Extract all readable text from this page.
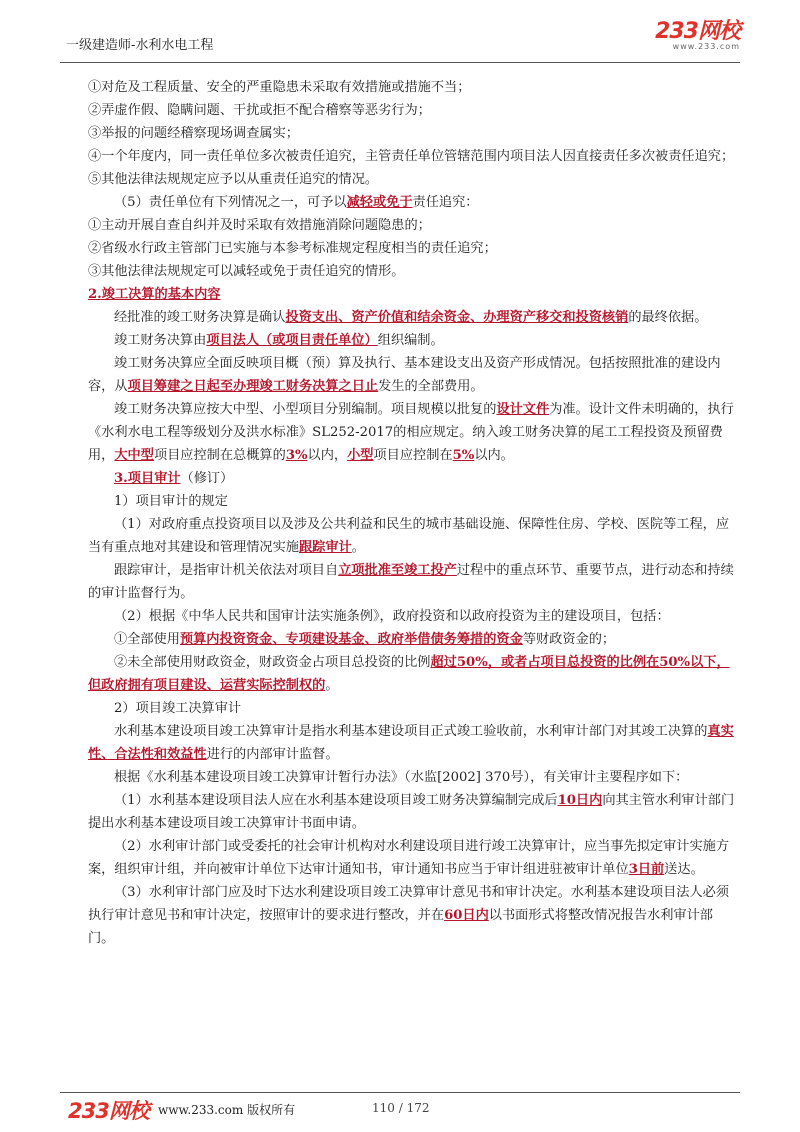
一级建造师-水利水电工程
233网校
www.233.com

①对危及工程质量、安全的严重隐患未采取有效措施或措施不当；

②弄虚作假、隐瞒问题、干扰或拒不配合稽察等恶劣行为；

③举报的问题经稽察现场调查属实；

④一个年度内，同一责任单位多次被责任追究，主管责任单位管辖范围内项目法人因直接责任多次被责任追究；

⑤其他法律法规规定应予以从重责任追究的情况。

（5）责任单位有下列情况之一，可予以减轻或免于责任追究：

①主动开展自查自纠并及时采取有效措施消除问题隐患的；

②省级水行政主管部门已实施与本参考标准规定程度相当的责任追究；

③其他法律法规规定可以减轻或免于责任追究的情形。

2.竣工决算的基本内容

经批准的竣工财务决算是确认投资支出、资产价值和结余资金、办理资产移交和投资核销的最终依据。

竣工财务决算由项目法人（或项目责任单位）组织编制。

竣工财务决算应全面反映项目概（预）算及执行、基本建设支出及资产形成情况。包括按照批准的建设内容，从项目筹建之日起至办理竣工财务决算之日止发生的全部费用。

竣工财务决算应按大中型、小型项目分别编制。项目规模以批复的设计文件为准。设计文件未明确的，执行《水利水电工程等级划分及洪水标准》SL252-2017的相应规定。纳入竣工财务决算的尾工工程投资及预留费用，大中型项目应控制在总概算的3%以内，小型项目应控制在5%以内。

3.项目审计（修订）

1）项目审计的规定

（1）对政府重点投资项目以及涉及公共利益和民生的城市基础设施、保障性住房、学校、医院等工程，应当有重点地对其建设和管理情况实施跟踪审计。

跟踪审计，是指审计机关依法对项目自立项批准至竣工投产过程中的重点环节、重要节点，进行动态和持续的审计监督行为。

（2）根据《中华人民共和国审计法实施条例》，政府投资和以政府投资为主的建设项目，包括：

①全部使用预算内投资资金、专项建设基金、政府举借债务筹措的资金等财政资金的；

②未全部使用财政资金，财政资金占项目总投资的比例超过50%，或者占项目总投资的比例在50%以下，但政府拥有项目建设、运营实际控制权的。

2）项目竣工决算审计

水利基本建设项目竣工决算审计是指水利基本建设项目正式竣工验收前，水利审计部门对其竣工决算的真实性、合法性和效益性进行的内部审计监督。

根据《水利基本建设项目竣工决算审计暂行办法》（水监[2002] 370号），有关审计主要程序如下：

（1）水利基本建设项目法人应在水利基本建设项目竣工财务决算编制完成后10日内向其主管水利审计部门提出水利基本建设项目竣工决算审计书面申请。

（2）水利审计部门或受委托的社会审计机构对水利建设项目进行竣工决算审计，应当事先拟定审计实施方案，组织审计组，并向被审计单位下达审计通知书，审计通知书应当于审计组进驻被审计单位3日前送达。

（3）水利审计部门应及时下达水利建设项目竣工决算审计意见书和审计决定。水利基本建设项目法人必须执行审计意见书和审计决定，按照审计的要求进行整改，并在60日内以书面形式将整改情况报告水利审计部门。

233网校 www.233.com 版权所有	110 / 172
